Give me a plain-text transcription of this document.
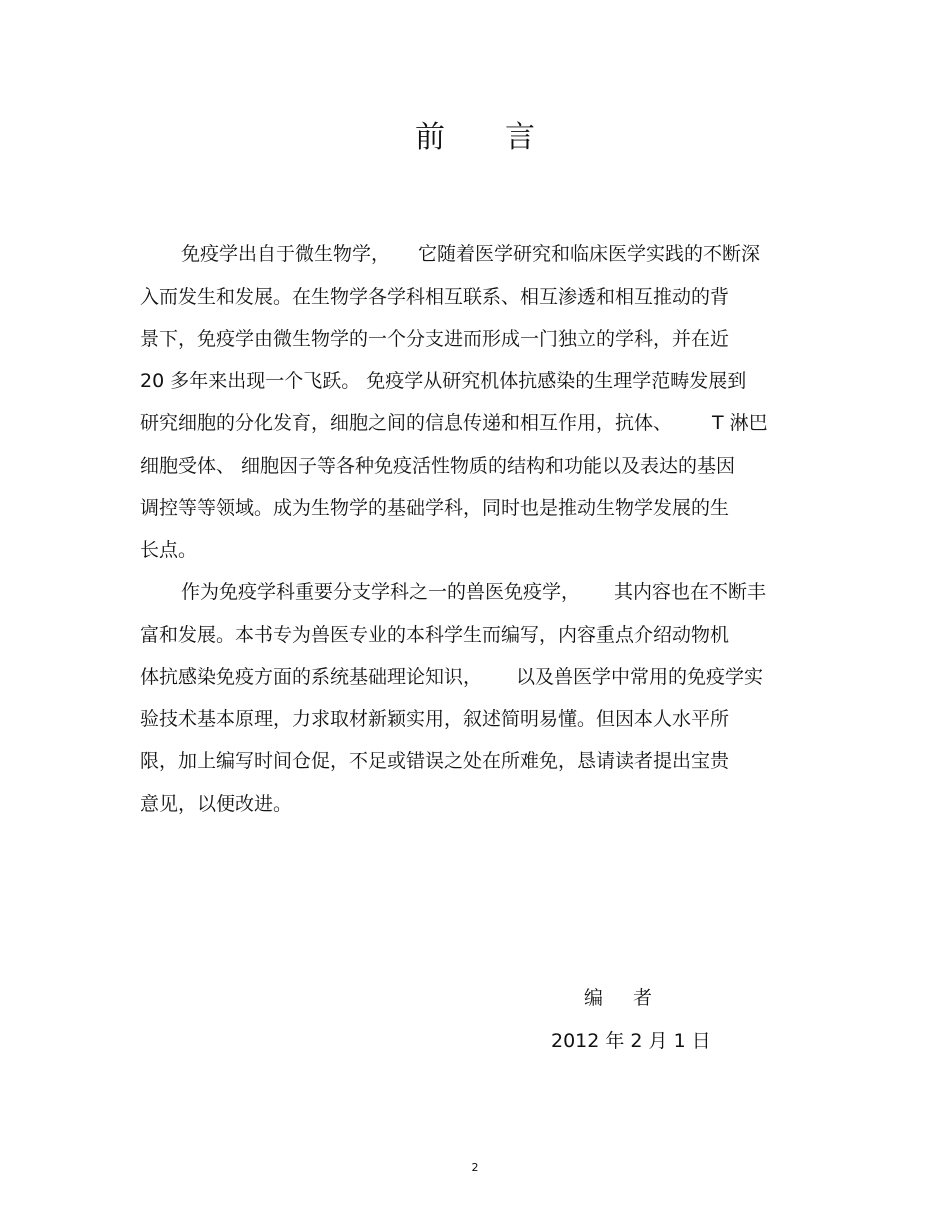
前 言
免疫学出自于微生物学， 它随着医学研究和临床医学实践的不断深
入而发生和发展。在生物学各学科相互联系、相互渗透和相互推动的背
景下，免疫学由微生物学的一个分支进而形成一门独立的学科，并在近
20 多年来出现一个飞跃。 免疫学从研究机体抗感染的生理学范畴发展到
研究细胞的分化发育，细胞之间的信息传递和相互作用，抗体、 T 淋巴
细胞受体、 细胞因子等各种免疫活性物质的结构和功能以及表达的基因
调控等等领域。成为生物学的基础学科，同时也是推动生物学发展的生
长点。
作为免疫学科重要分支学科之一的兽医免疫学， 其内容也在不断丰
富和发展。本书专为兽医专业的本科学生而编写，内容重点介绍动物机
体抗感染免疫方面的系统基础理论知识， 以及兽医学中常用的免疫学实
验技术基本原理，力求取材新颖实用，叙述简明易懂。但因本人水平所
限，加上编写时间仓促，不足或错误之处在所难免，恳请读者提出宝贵
意见，以便改进。
编 者
2012 年 2 月 1 日
2
